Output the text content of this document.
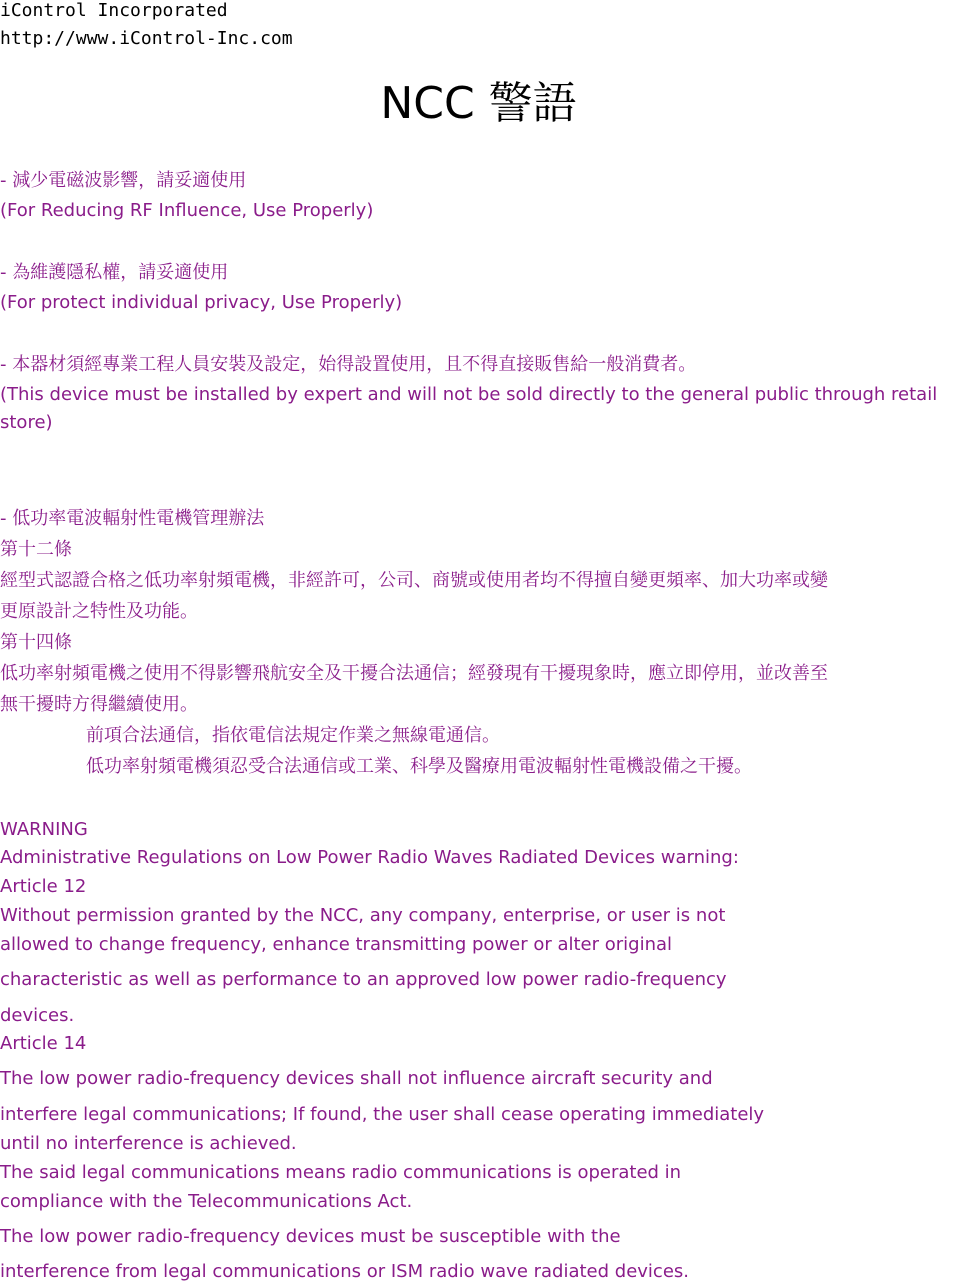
iControl Incorporated
http://www.iControl-Inc.com
NCC 警語
- 減少電磁波影響，請妥適使用
(For Reducing RF Influence, Use Properly)
- 為維護隱私權，請妥適使用
(For protect individual privacy, Use Properly)
- 本器材須經專業工程人員安裝及設定，始得設置使用，且不得直接販售給一般消費者。
(This device must be installed by expert and will not be sold directly to the general public through retail
store)
- 低功率電波輻射性電機管理辦法
第十二條
經型式認證合格之低功率射頻電機，非經許可，公司、商號或使用者均不得擅自變更頻率、加大功率或變
更原設計之特性及功能。
第十四條
低功率射頻電機之使用不得影響飛航安全及干擾合法通信；經發現有干擾現象時，應立即停用，並改善至
無干擾時方得繼續使用。
前項合法通信，指依電信法規定作業之無線電通信。
低功率射頻電機須忍受合法通信或工業、科學及醫療用電波輻射性電機設備之干擾。
WARNING
Administrative Regulations on Low Power Radio Waves Radiated Devices warning:
Article 12
Without permission granted by the NCC, any company, enterprise, or user is not
allowed to change frequency, enhance transmitting power or alter original
characteristic as well as performance to an approved low power radio-frequency
devices.
Article 14
The low power radio-frequency devices shall not influence aircraft security and
interfere legal communications; If found, the user shall cease operating immediately
until no interference is achieved.
The said legal communications means radio communications is operated in
compliance with the Telecommunications Act.
The low power radio-frequency devices must be susceptible with the
interference from legal communications or ISM radio wave radiated devices.
